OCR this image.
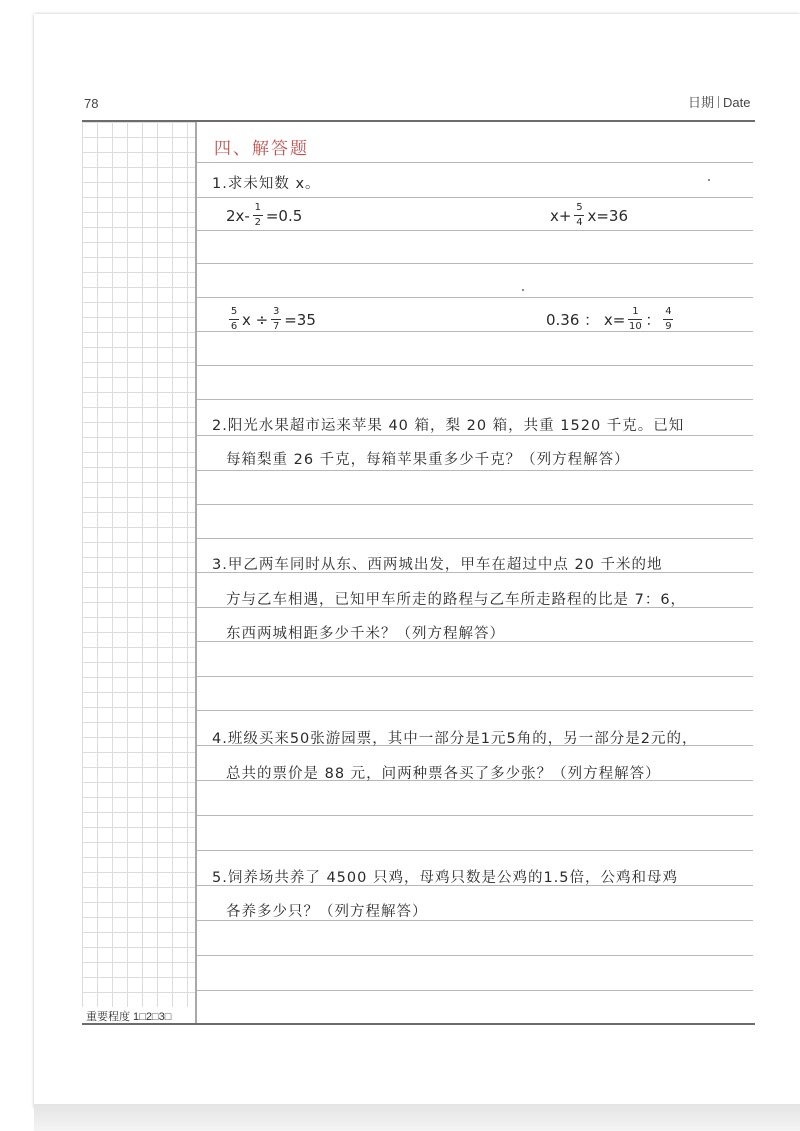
78	日期 Date
四、解答题
1.求未知数 x。
$2x- \frac{1}{2} =0.5$	$x+ \frac{5}{4} x=36$
$\frac{5}{6}$ $x \div \frac{3}{7} =35$	0.36 ： $x= \frac{1}{10}$ ： $\frac{4}{9}$
2.阳光水果超市运来苹果 40 箱，梨 20 箱，共重 1520 千克。已知
每箱梨重 26 千克，每箱苹果重多少千克？（列方程解答）
3.甲乙两车同时从东、西两城出发，甲车在超过中点 20 千米的地
方与乙车相遇，已知甲车所走的路程与乙车所走路程的比是 7：6，
东西两城相距多少千米？（列方程解答）
4.班级买来50张游园票，其中一部分是1元5角的，另一部分是2元的，
总共的票价是 88 元，问两种票各买了多少张？（列方程解答）
5.饲养场共养了 4500 只鸡，母鸡只数是公鸡的1.5倍，公鸡和母鸡
各养多少只？（列方程解答）
重要程度 1□2□3□
